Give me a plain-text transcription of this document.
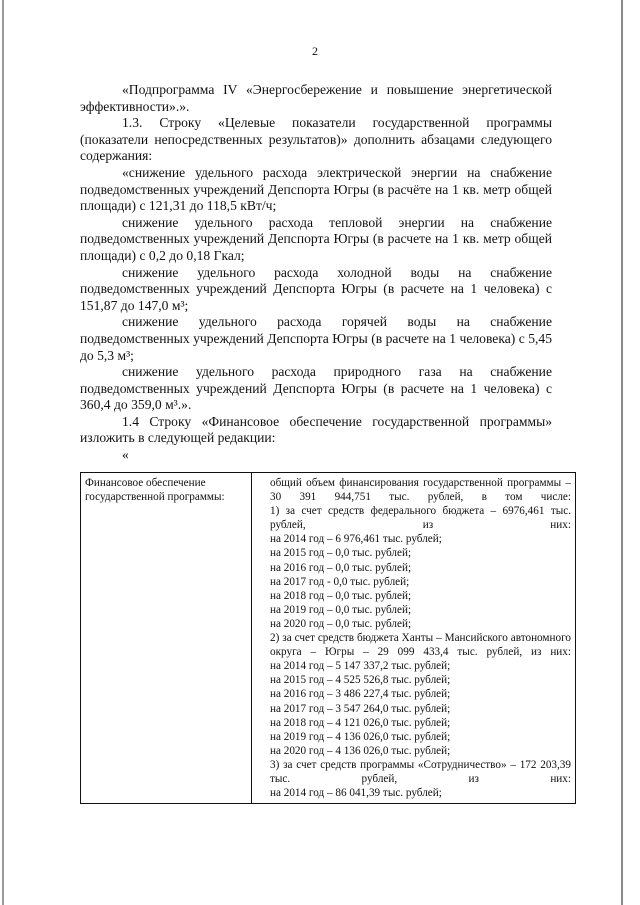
2

«Подпрограмма IV «Энергосбережение и повышение энергетической эффективности».».

1.3. Строку «Целевые показатели государственной программы (показатели непосредственных результатов)» дополнить абзацами следующего содержания:

«снижение удельного расхода электрической энергии на снабжение подведомственных учреждений Депспорта Югры (в расчёте на 1 кв. метр общей площади) с 121,31 до 118,5 кВт/ч;

снижение удельного расхода тепловой энергии на снабжение подведомственных учреждений Депспорта Югры (в расчете на 1 кв. метр общей площади) с 0,2 до 0,18 Гкал;

снижение удельного расхода холодной воды на снабжение подведомственных учреждений Депспорта Югры (в расчете на 1 человека) с 151,87 до 147,0 м³;

снижение удельного расхода горячей воды на снабжение подведомственных учреждений Депспорта Югры (в расчете на 1 человека) с 5,45 до 5,3 м³;

снижение удельного расхода природного газа на снабжение подведомственных учреждений Депспорта Югры (в расчете на 1 человека) с 360,4 до 359,0 м³.».

1.4 Строку «Финансовое обеспечение государственной программы» изложить в следующей редакции:

«

Финансовое обеспечение государственной программы:	
общий объем финансирования государственной программы – 30 391 944,751 тыс. рублей, в том числе:
1) за счет средств федерального бюджета – 6976,461 тыс. рублей, из них:
на 2014 год – 6 976,461 тыс. рублей;
на 2015 год – 0,0 тыс. рублей;
на 2016 год – 0,0 тыс. рублей;
на 2017 год - 0,0 тыс. рублей;
на 2018 год – 0,0 тыс. рублей;
на 2019 год – 0,0 тыс. рублей;
на 2020 год – 0,0 тыс. рублей;
2) за счет средств бюджета Ханты – Мансийского автономного округа – Югры – 29 099 433,4 тыс. рублей, из них:
на 2014 год – 5 147 337,2 тыс. рублей;
на 2015 год – 4 525 526,8 тыс. рублей;
на 2016 год – 3 486 227,4 тыс. рублей;
на 2017 год – 3 547 264,0 тыс. рублей;
на 2018 год – 4 121 026,0 тыс. рублей;
на 2019 год – 4 136 026,0 тыс. рублей;
на 2020 год – 4 136 026,0 тыс. рублей;
3) за счет средств программы «Сотрудничество» – 172 203,39 тыс. рублей, из них:
на 2014 год – 86 041,39 тыс. рублей;
